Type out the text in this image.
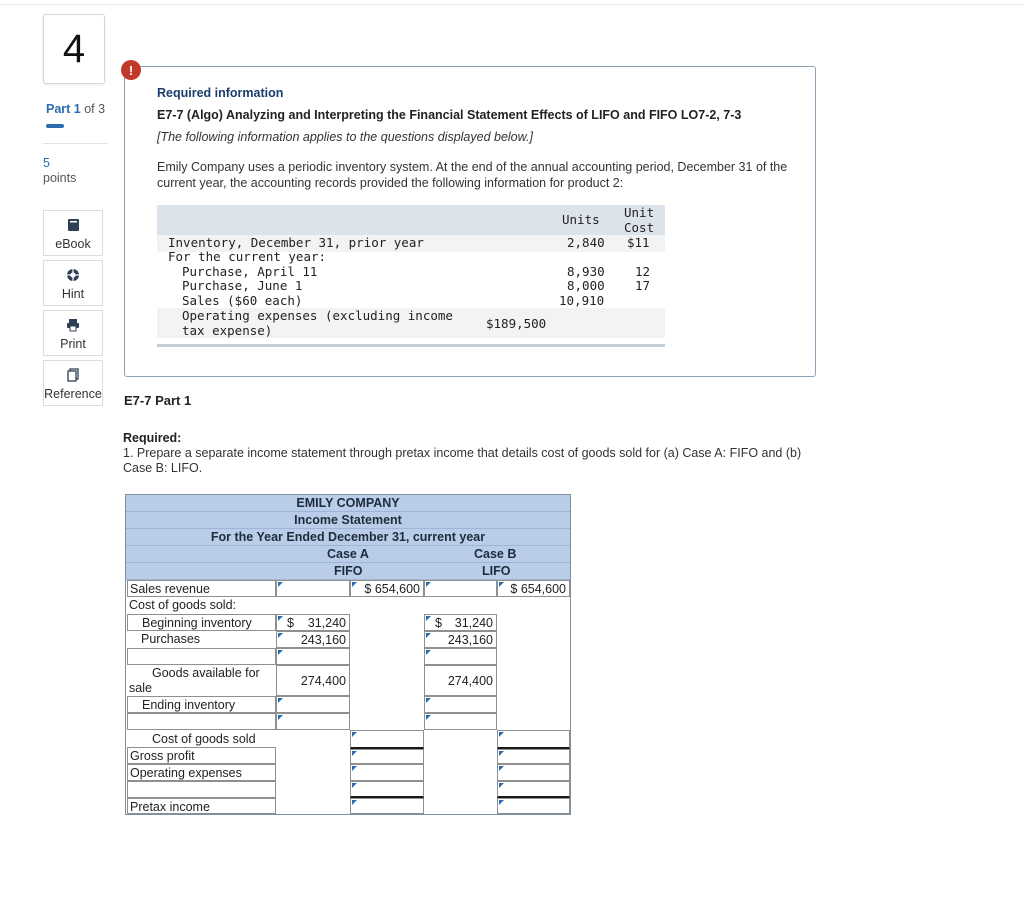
4
Part 1 of 3
5
points
eBook
Hint
Print
Reference
!
Required information
E7-7 (Algo) Analyzing and Interpreting the Financial Statement Effects of LIFO and FIFO LO7-2, 7-3
[The following information applies to the questions displayed below.]
Emily Company uses a periodic inventory system. At the end of the annual accounting period, December 31 of the current year, the accounting records provided the following information for product 2:
Units Unit
Cost
Inventory, December 31, prior year	2,840 $11
For the current year:
Purchase, April 11	8,930 12
Purchase, June 1	8,000 17
Sales ($60 each)	10,910
Operating expenses (excluding income
tax expense)	$189,500
E7-7 Part 1
Required:
1. Prepare a separate income statement through pretax income that details cost of goods sold for (a) Case A: FIFO and (b) Case B: LIFO.
EMILY COMPANY
Income Statement
For the Year Ended December 31, current year
Case A	Case B
FIFO	LIFO
Sales revenue	$ 654,600	$ 654,600
Cost of goods sold:
Beginning inventory	$ 31,240	$ 31,240
Purchases	243,160	243,160
Goods available for
sale	274,400	274,400
Ending inventory
Cost of goods sold
Gross profit
Operating expenses
Pretax income
